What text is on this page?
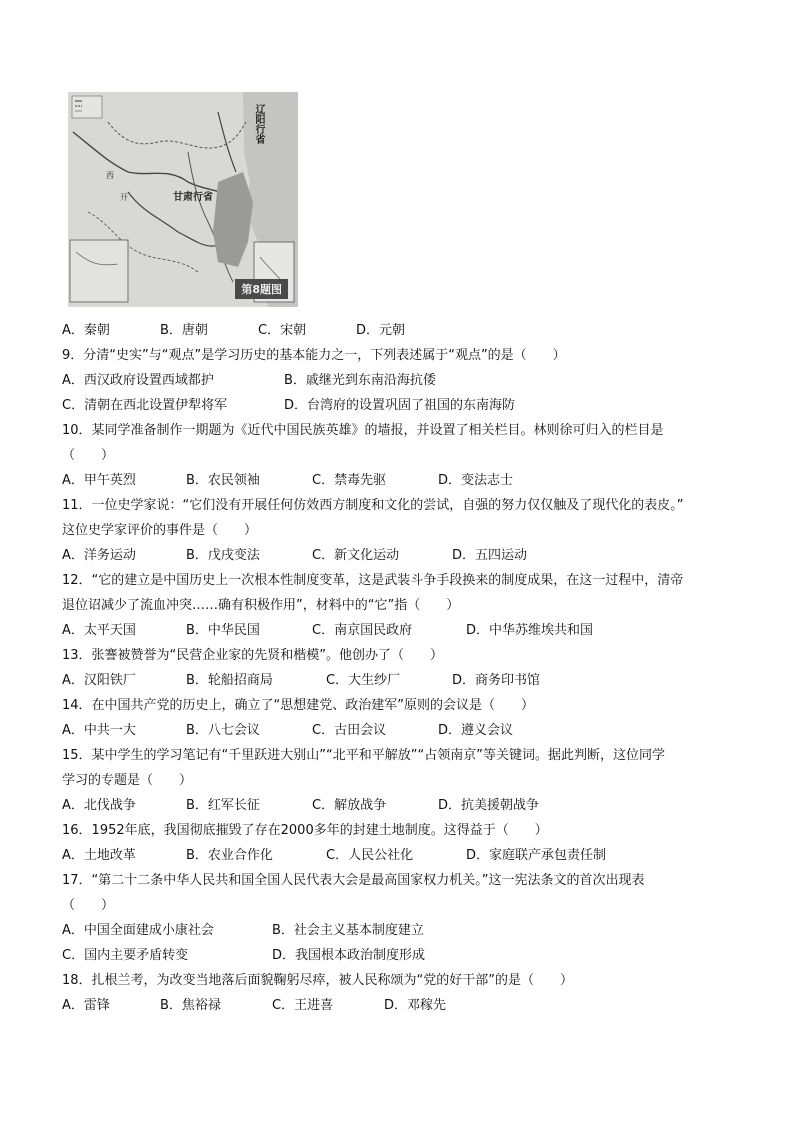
辽阳行省
甘肃行省
西
开
第8题图
A．秦朝	B．唐朝	C．宋朝	D．元朝
9．分清“史实”与“观点”是学习历史的基本能力之一，下列表述属于“观点”的是（　　）
A．西汉政府设置西域都护	B．戚继光到东南沿海抗倭
C．清朝在西北设置伊犁将军	D．台湾府的设置巩固了祖国的东南海防
10．某同学准备制作一期题为《近代中国民族英雄》的墙报，并设置了相关栏目。林则徐可归入的栏目是
（　　）
A．甲午英烈	B．农民领袖	C．禁毒先驱	D．变法志士
11．一位史学家说：“它们没有开展任何仿效西方制度和文化的尝试，自强的努力仅仅触及了现代化的表皮。”
这位史学家评价的事件是（　　）
A．洋务运动	B．戊戌变法	C．新文化运动	D．五四运动
12．“它的建立是中国历史上一次根本性制度变革，这是武装斗争手段换来的制度成果，在这一过程中，清帝
退位诏减少了流血冲突……确有积极作用”，材料中的“它”指（　　）
A．太平天国	B．中华民国	C．南京国民政府	D．中华苏维埃共和国
13．张謇被赞誉为“民营企业家的先贤和楷模”。他创办了（　　）
A．汉阳铁厂	B．轮船招商局	C．大生纱厂	D．商务印书馆
14．在中国共产党的历史上，确立了“思想建党、政治建军”原则的会议是（　　）
A．中共一大	B．八七会议	C．古田会议	D．遵义会议
15．某中学生的学习笔记有“千里跃进大别山”“北平和平解放”“占领南京”等关键词。据此判断，这位同学
学习的专题是（　　）
A．北伐战争	B．红军长征	C．解放战争	D．抗美援朝战争
16．1952年底，我国彻底摧毁了存在2000多年的封建土地制度。这得益于（　　）
A．土地改革	B．农业合作化	C．人民公社化	D．家庭联产承包责任制
17．“第二十二条中华人民共和国全国人民代表大会是最高国家权力机关。”这一宪法条文的首次出现表
（　　）
A．中国全面建成小康社会	B．社会主义基本制度建立
C．国内主要矛盾转变	D．我国根本政治制度形成
18．扎根兰考，为改变当地落后面貌鞠躬尽瘁，被人民称颂为“党的好干部”的是（　　）
A．雷锋	B．焦裕禄	C．王进喜	D．邓稼先
